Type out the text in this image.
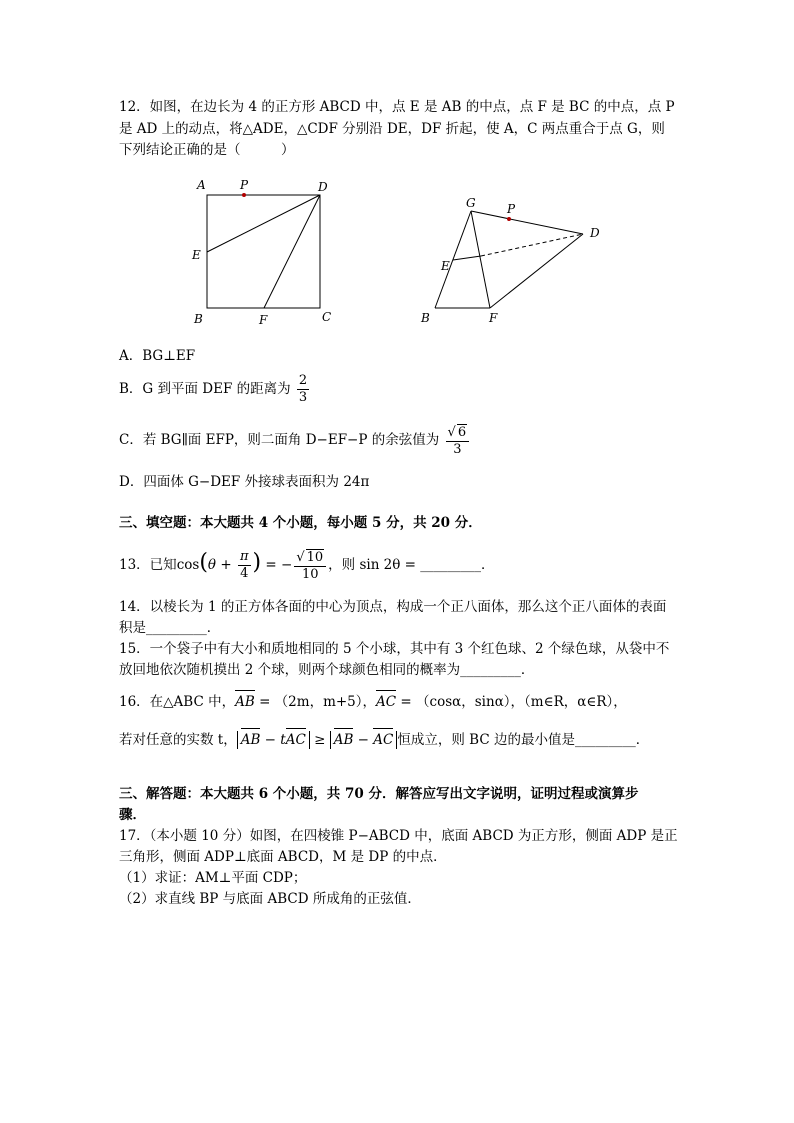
12．如图，在边长为 4 的正方形 ABCD 中，点 E 是 AB 的中点，点 F 是 BC 的中点，点 P
是 AD 上的动点，将△ADE，△CDF 分别沿 DE，DF 折起，使 A，C 两点重合于点 G，则
下列结论正确的是（　　　）
A	P	D
E
B	F	C
G	P
D
E
B	F
A．BG⊥EF
B．G 到平面 DEF 的距离为 $\frac{2}{3}$
C．若 BG∥面 EFP，则二面角 D−EF−P 的余弦值为 $\frac{√ 6}{3}$
D．四面体 G−DEF 外接球表面积为 24π
三、填空题：本大题共 4 个小题，每小题 5 分，共 20 分．
13．已知$\cos(\theta + \frac{\pi}{4}$ ) = − $\frac{√ 10}{10}$ ，则 sin 2θ = _________．
14．以棱长为 1 的正方体各面的中心为顶点，构成一个正八面体，那么这个正八面体的表面
积是_________．
15．一个袋子中有大小和质地相同的 5 个小球，其中有 3 个红色球、2 个绿色球，从袋中不
放回地依次随机摸出 2 个球，则两个球颜色相同的概率为_________．
16．在△ABC 中，AB = （2m，m+5），AC = （cosα，sinα），（m∈R，α∈R），
若对任意的实数 t， AB − tAC ≥ AB − AC 恒成立，则 BC 边的最小值是_________．
三、解答题：本大题共 6 个小题，共 70 分．解答应写出文字说明，证明过程或演算步
骤．
17．（本小题 10 分）如图，在四棱锥 P−ABCD 中，底面 ABCD 为正方形，侧面 ADP 是正
三角形，侧面 ADP⊥底面 ABCD，M 是 DP 的中点．
（1）求证：AM⊥平面 CDP；
（2）求直线 BP 与底面 ABCD 所成角的正弦值．
